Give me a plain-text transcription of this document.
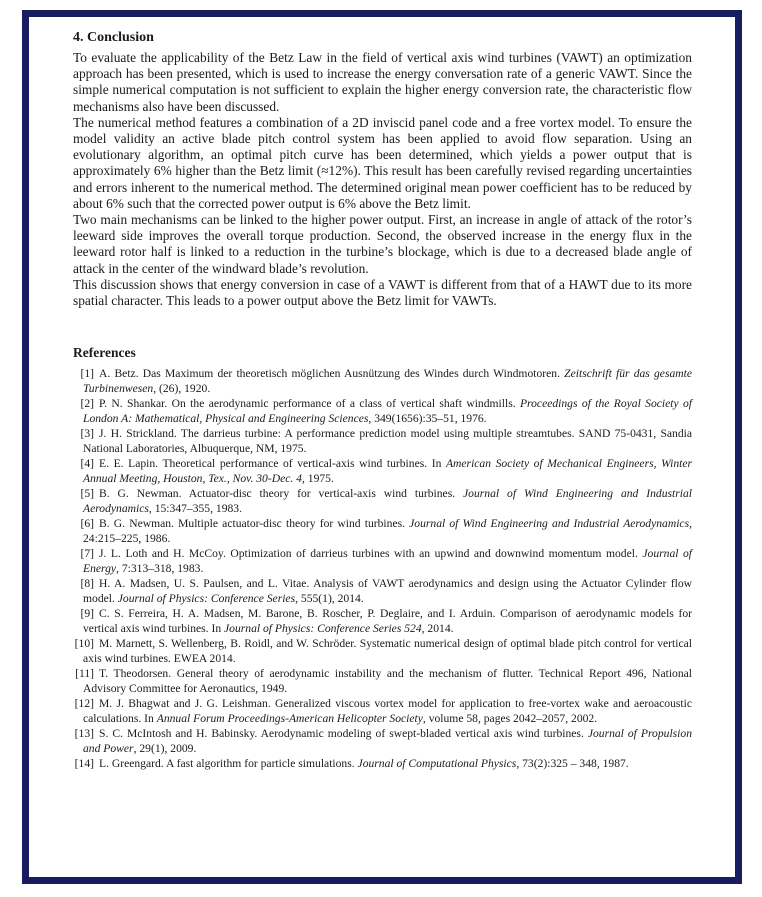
4. Conclusion

To evaluate the applicability of the Betz Law in the field of vertical axis wind turbines (VAWT) an optimization approach has been presented, which is used to increase the energy conversation rate of a generic VAWT. Since the simple numerical computation is not sufficient to explain the higher energy conversion rate, the characteristic flow mechanisms also have been discussed.

The numerical method features a combination of a 2D inviscid panel code and a free vortex model. To ensure the model validity an active blade pitch control system has been applied to avoid flow separation. Using an evolutionary algorithm, an optimal pitch curve has been determined, which yields a power output that is approximately 6% higher than the Betz limit (≈12%). This result has been carefully revised regarding uncertainties and errors inherent to the numerical method. The determined original mean power coefficient has to be reduced by about 6% such that the corrected power output is 6% above the Betz limit.

Two main mechanisms can be linked to the higher power output. First, an increase in angle of attack of the rotor’s leeward side improves the overall torque production. Second, the observed increase in the energy flux in the leeward rotor half is linked to a reduction in the turbine’s blockage, which is due to a decreased blade angle of attack in the center of the windward blade’s revolution.

This discussion shows that energy conversion in case of a VAWT is different from that of a HAWT due to its more spatial character. This leads to a power output above the Betz limit for VAWTs.

References
[1] A. Betz. Das Maximum der theoretisch möglichen Ausnützung des Windes durch Windmotoren. Zeitschrift für das gesamte Turbinenwesen, (26), 1920.
[2] P. N. Shankar. On the aerodynamic performance of a class of vertical shaft windmills. Proceedings of the Royal Society of London A: Mathematical, Physical and Engineering Sciences, 349(1656):35–51, 1976.
[3] J. H. Strickland. The darrieus turbine: A performance prediction model using multiple streamtubes. SAND 75-0431, Sandia National Laboratories, Albuquerque, NM, 1975.
[4] E. E. Lapin. Theoretical performance of vertical-axis wind turbines. In American Society of Mechanical Engineers, Winter Annual Meeting, Houston, Tex., Nov. 30-Dec. 4, 1975.
[5] B. G. Newman. Actuator-disc theory for vertical-axis wind turbines. Journal of Wind Engineering and Industrial Aerodynamics, 15:347–355, 1983.
[6] B. G. Newman. Multiple actuator-disc theory for wind turbines. Journal of Wind Engineering and Industrial Aerodynamics, 24:215–225, 1986.
[7] J. L. Loth and H. McCoy. Optimization of darrieus turbines with an upwind and downwind momentum model. Journal of Energy, 7:313–318, 1983.
[8] H. A. Madsen, U. S. Paulsen, and L. Vitae. Analysis of VAWT aerodynamics and design using the Actuator Cylinder flow model. Journal of Physics: Conference Series, 555(1), 2014.
[9] C. S. Ferreira, H. A. Madsen, M. Barone, B. Roscher, P. Deglaire, and I. Arduin. Comparison of aerodynamic models for vertical axis wind turbines. In Journal of Physics: Conference Series 524, 2014.
[10] M. Marnett, S. Wellenberg, B. Roidl, and W. Schröder. Systematic numerical design of optimal blade pitch control for vertical axis wind turbines. EWEA 2014.
[11] T. Theodorsen. General theory of aerodynamic instability and the mechanism of flutter. Technical Report 496, National Advisory Committee for Aeronautics, 1949.
[12] M. J. Bhagwat and J. G. Leishman. Generalized viscous vortex model for application to free-vortex wake and aeroacoustic calculations. In Annual Forum Proceedings-American Helicopter Society, volume 58, pages 2042–2057, 2002.
[13] S. C. McIntosh and H. Babinsky. Aerodynamic modeling of swept-bladed vertical axis wind turbines. Journal of Propulsion and Power, 29(1), 2009.
[14] L. Greengard. A fast algorithm for particle simulations. Journal of Computational Physics, 73(2):325 – 348, 1987.
